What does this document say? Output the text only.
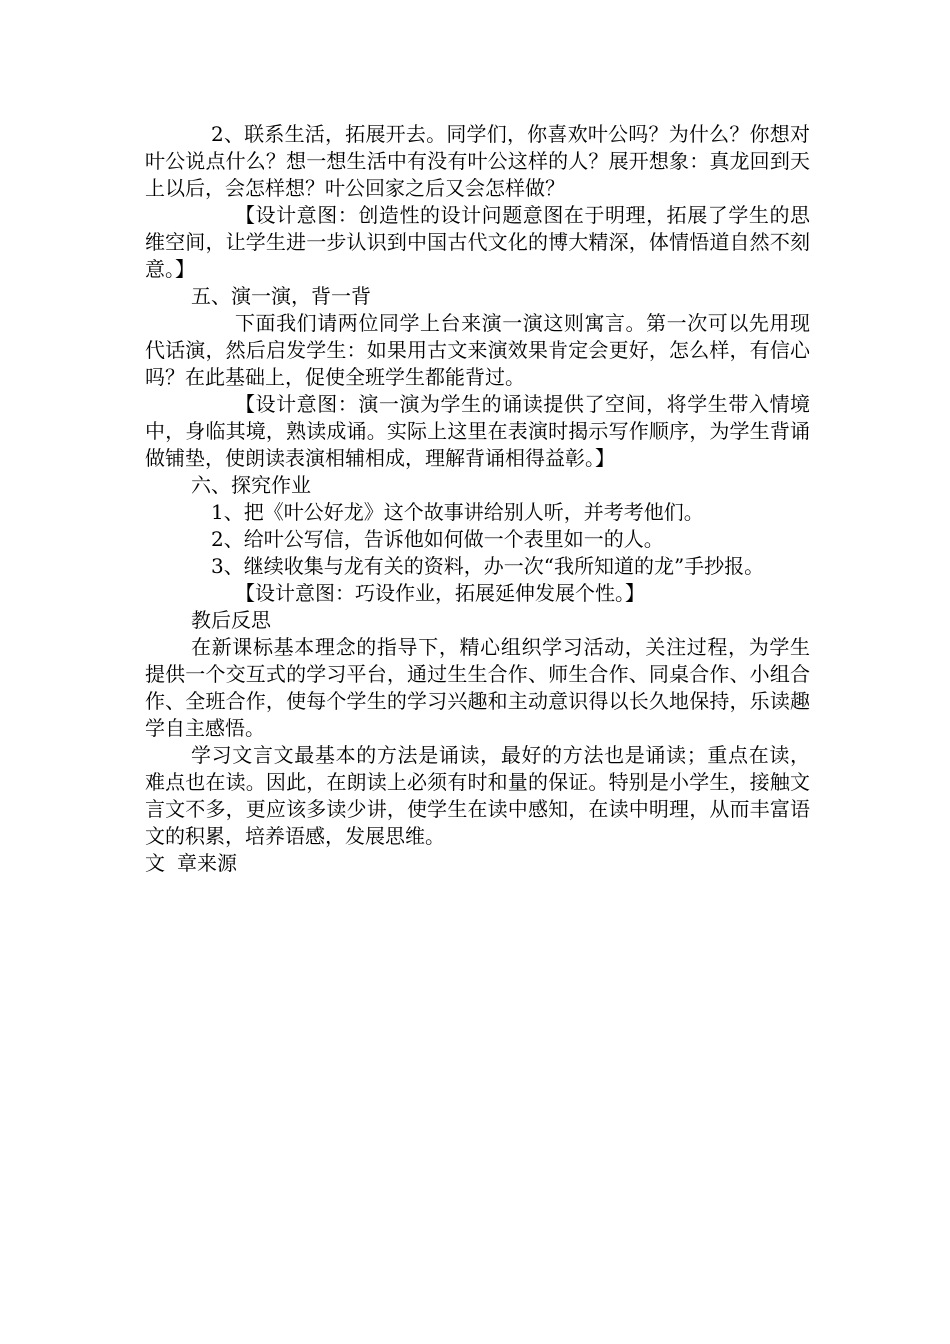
2、联系生活，拓展开去。同学们，你喜欢叶公吗？为什么？你想对叶公说点什么？想一想生活中有没有叶公这样的人？展开想象：真龙回到天上以后，会怎样想？叶公回家之后又会怎样做？

【设计意图：创造性的设计问题意图在于明理，拓展了学生的思维空间，让学生进一步认识到中国古代文化的博大精深，体情悟道自然不刻意。】

五、演一演，背一背

下面我们请两位同学上台来演一演这则寓言。第一次可以先用现代话演，然后启发学生：如果用古文来演效果肯定会更好，怎么样，有信心吗？在此基础上，促使全班学生都能背过。

【设计意图：演一演为学生的诵读提供了空间，将学生带入情境中，身临其境，熟读成诵。实际上这里在表演时揭示写作顺序，为学生背诵做铺垫，使朗读表演相辅相成，理解背诵相得益彰。】

六、探究作业

1、把《叶公好龙》这个故事讲给别人听，并考考他们。

2、给叶公写信，告诉他如何做一个表里如一的人。

3、继续收集与龙有关的资料，办一次“我所知道的龙”手抄报。

【设计意图：巧设作业，拓展延伸发展个性。】

教后反思

在新课标基本理念的指导下，精心组织学习活动，关注过程，为学生提供一个交互式的学习平台，通过生生合作、师生合作、同桌合作、小组合作、全班合作，使每个学生的学习兴趣和主动意识得以长久地保持，乐读趣学自主感悟。

学习文言文最基本的方法是诵读，最好的方法也是诵读；重点在读，难点也在读。因此，在朗读上必须有时和量的保证。特别是小学生，接触文言文不多，更应该多读少讲，使学生在读中感知，在读中明理，从而丰富语文的积累，培养语感，发展思维。

文 章来源
